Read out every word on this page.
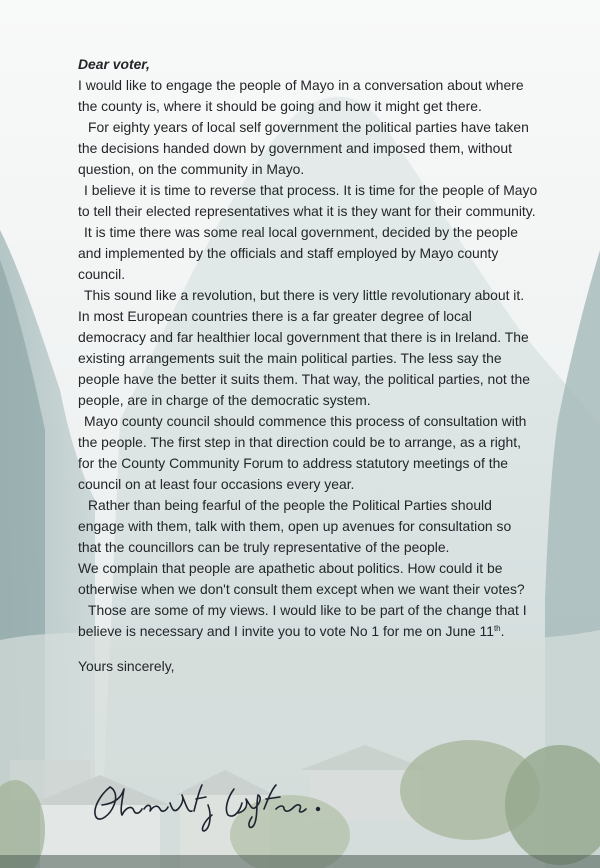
Dear voter,

I would like to engage the people of Mayo in a conversation about where the county is, where it should be going and how it might get there.

For eighty years of local self government the political parties have taken the decisions handed down by government and imposed them, without question, on the community in Mayo.

I believe it is time to reverse that process. It is time for the people of Mayo to tell their elected representatives what it is they want for their community.

It is time there was some real local government, decided by the people and implemented by the officials and staff employed by Mayo county council.

This sound like a revolution, but there is very little revolutionary about it. In most European countries there is a far greater degree of local democracy and far healthier local government that there is in Ireland. The existing arrangements suit the main political parties. The less say the people have the better it suits them. That way, the political parties, not the people, are in charge of the democratic system.

Mayo county council should commence this process of consultation with the people. The first step in that direction could be to arrange, as a right, for the County Community Forum to address statutory meetings of the council on at least four occasions every year.

Rather than being fearful of the people the Political Parties should engage with them, talk with them, open up avenues for consultation so that the councillors can be truly representative of the people.

We complain that people are apathetic about politics. How could it be otherwise when we don't consult them except when we want their votes?

Those are some of my views. I would like to be part of the change that I believe is necessary and I invite you to vote No 1 for me on June 11th.

Yours sincerely,
